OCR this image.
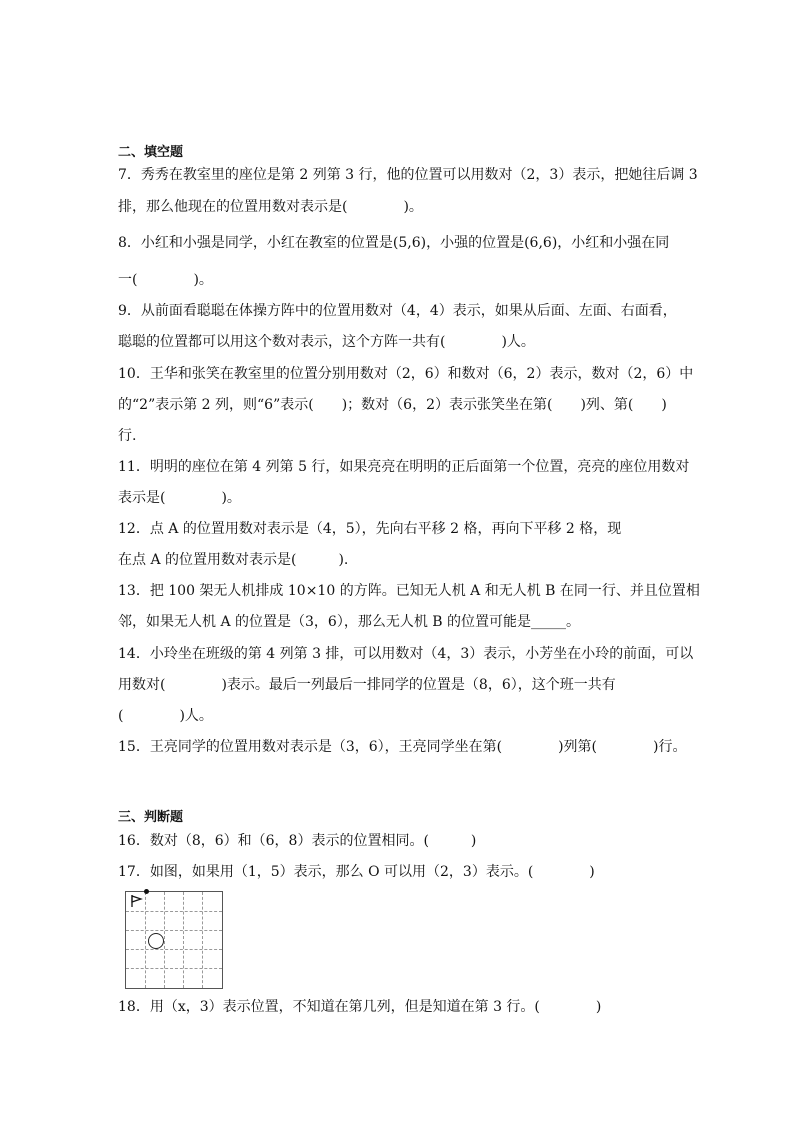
二、填空题
7．秀秀在教室里的座位是第 2 列第 3 行，他的位置可以用数对（2，3）表示，把她往后调 3
排，那么他现在的位置用数对表示是(　　　　)。
8．小红和小强是同学，小红在教室的位置是(5,6)，小强的位置是(6,6)，小红和小强在同
一(　　　　)。
9．从前面看聪聪在体操方阵中的位置用数对（4，4）表示，如果从后面、左面、右面看，
聪聪的位置都可以用这个数对表示，这个方阵一共有(　　　　)人。
10．王华和张笑在教室里的位置分别用数对（2，6）和数对（6，2）表示，数对（2，6）中
的“2”表示第 2 列，则“6”表示(　　)；数对（6，2）表示张笑坐在第(　　)列、第(　　)
行.
11．明明的座位在第 4 列第 5 行，如果亮亮在明明的正后面第一个位置，亮亮的座位用数对
表示是(　　　　)。
12．点 A 的位置用数对表示是（4，5），先向右平移 2 格，再向下平移 2 格，现
在点 A 的位置用数对表示是(　　　).
13．把 100 架无人机排成 10×10 的方阵。已知无人机 A 和无人机 B 在同一行、并且位置相
邻，如果无人机 A 的位置是（3，6），那么无人机 B 的位置可能是_____。
14．小玲坐在班级的第 4 列第 3 排，可以用数对（4，3）表示，小芳坐在小玲的前面，可以
用数对(　　　　)表示。最后一列最后一排同学的位置是（8，6），这个班一共有
(　　　　)人。
15．王亮同学的位置用数对表示是（3，6），王亮同学坐在第(　　　　)列第(　　　　)行。
三、判断题
16．数对（8，6）和（6，8）表示的位置相同。(　　　)
17．如图，如果用（1，5）表示，那么 O 可以用（2，3）表示。(　　　　)
18．用（x，3）表示位置，不知道在第几列，但是知道在第 3 行。(　　　　)
